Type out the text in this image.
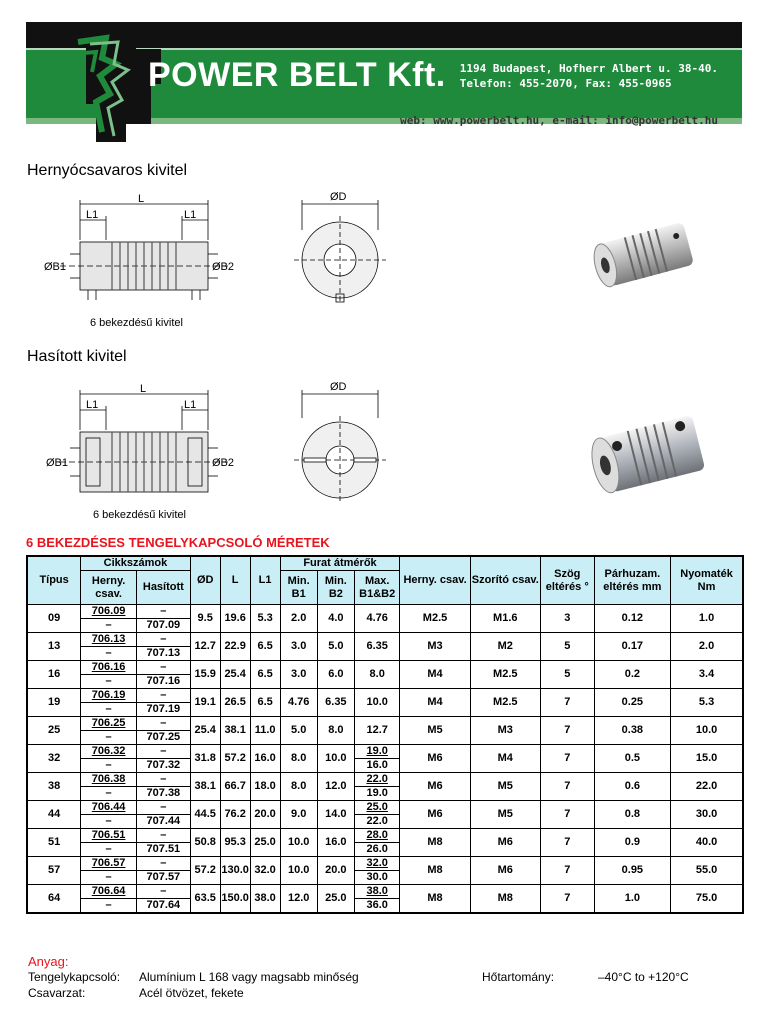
POWER BELT Kft. 1194 Budapest, Hofherr Albert u. 38-40.
Telefon: 455-2070, Fax: 455-0965
web: www.powerbelt.hu, e-mail: info@powerbelt.hu
Hernyócsavaros kivitel
L
L1	L1
ØB1	ØB2
6 bekezdésű kivitel
ØD
Hasított kivitel
L
L1	L1
ØB1	ØB2
6 bekezdésű kivitel
ØD
6 BEKEZDÉSES TENGELYKAPCSOLÓ MÉRETEK
Típus	Cikkszámok		ØD	L	L1	Furat átmérők			Herny. csav.	Szorító csav.	Szög eltérés °	Párhuzam. eltérés mm	Nyomaték Nm
	Herny. csav.	Hasított				Min. B1	Min. B2	Max. B1&B2					
09	706.09	–	9.5	19.6	5.3	2.0	4.0	4.76	M2.5	M1.6	3	0.12	1.0
	–	707.09											
13	706.13	–	12.7	22.9	6.5	3.0	5.0	6.35	M3	M2	5	0.17	2.0
	–	707.13											
16	706.16	–	15.9	25.4	6.5	3.0	6.0	8.0	M4	M2.5	5	0.2	3.4
	–	707.16											
19	706.19	–	19.1	26.5	6.5	4.76	6.35	10.0	M4	M2.5	7	0.25	5.3
	–	707.19											
25	706.25	–	25.4	38.1	11.0	5.0	8.0	12.7	M5	M3	7	0.38	10.0
	–	707.25											
32	706.32	–	31.8	57.2	16.0	8.0	10.0	19.0	M6	M4	7	0.5	15.0
	–	707.32						16.0					
38	706.38	–	38.1	66.7	18.0	8.0	12.0	22.0	M6	M5	7	0.6	22.0
	–	707.38						19.0					
44	706.44	–	44.5	76.2	20.0	9.0	14.0	25.0	M6	M5	7	0.8	30.0
	–	707.44						22.0					
51	706.51	–	50.8	95.3	25.0	10.0	16.0	28.0	M8	M6	7	0.9	40.0
	–	707.51						26.0					
57	706.57	–	57.2	130.0	32.0	10.0	20.0	32.0	M8	M6	7	0.95	55.0
	–	707.57						30.0					
64	706.64	–	63.5	150.0	38.0	12.0	25.0	38.0	M8	M8	7	1.0	75.0
	–	707.64						36.0					
Anyag:
Tengelykapcsoló: Alumínium L 168 vagy magsabb minőség
Csavarzat:	Acél ötvözet, fekete
Hőtartomány:	–40°C to +120°C
